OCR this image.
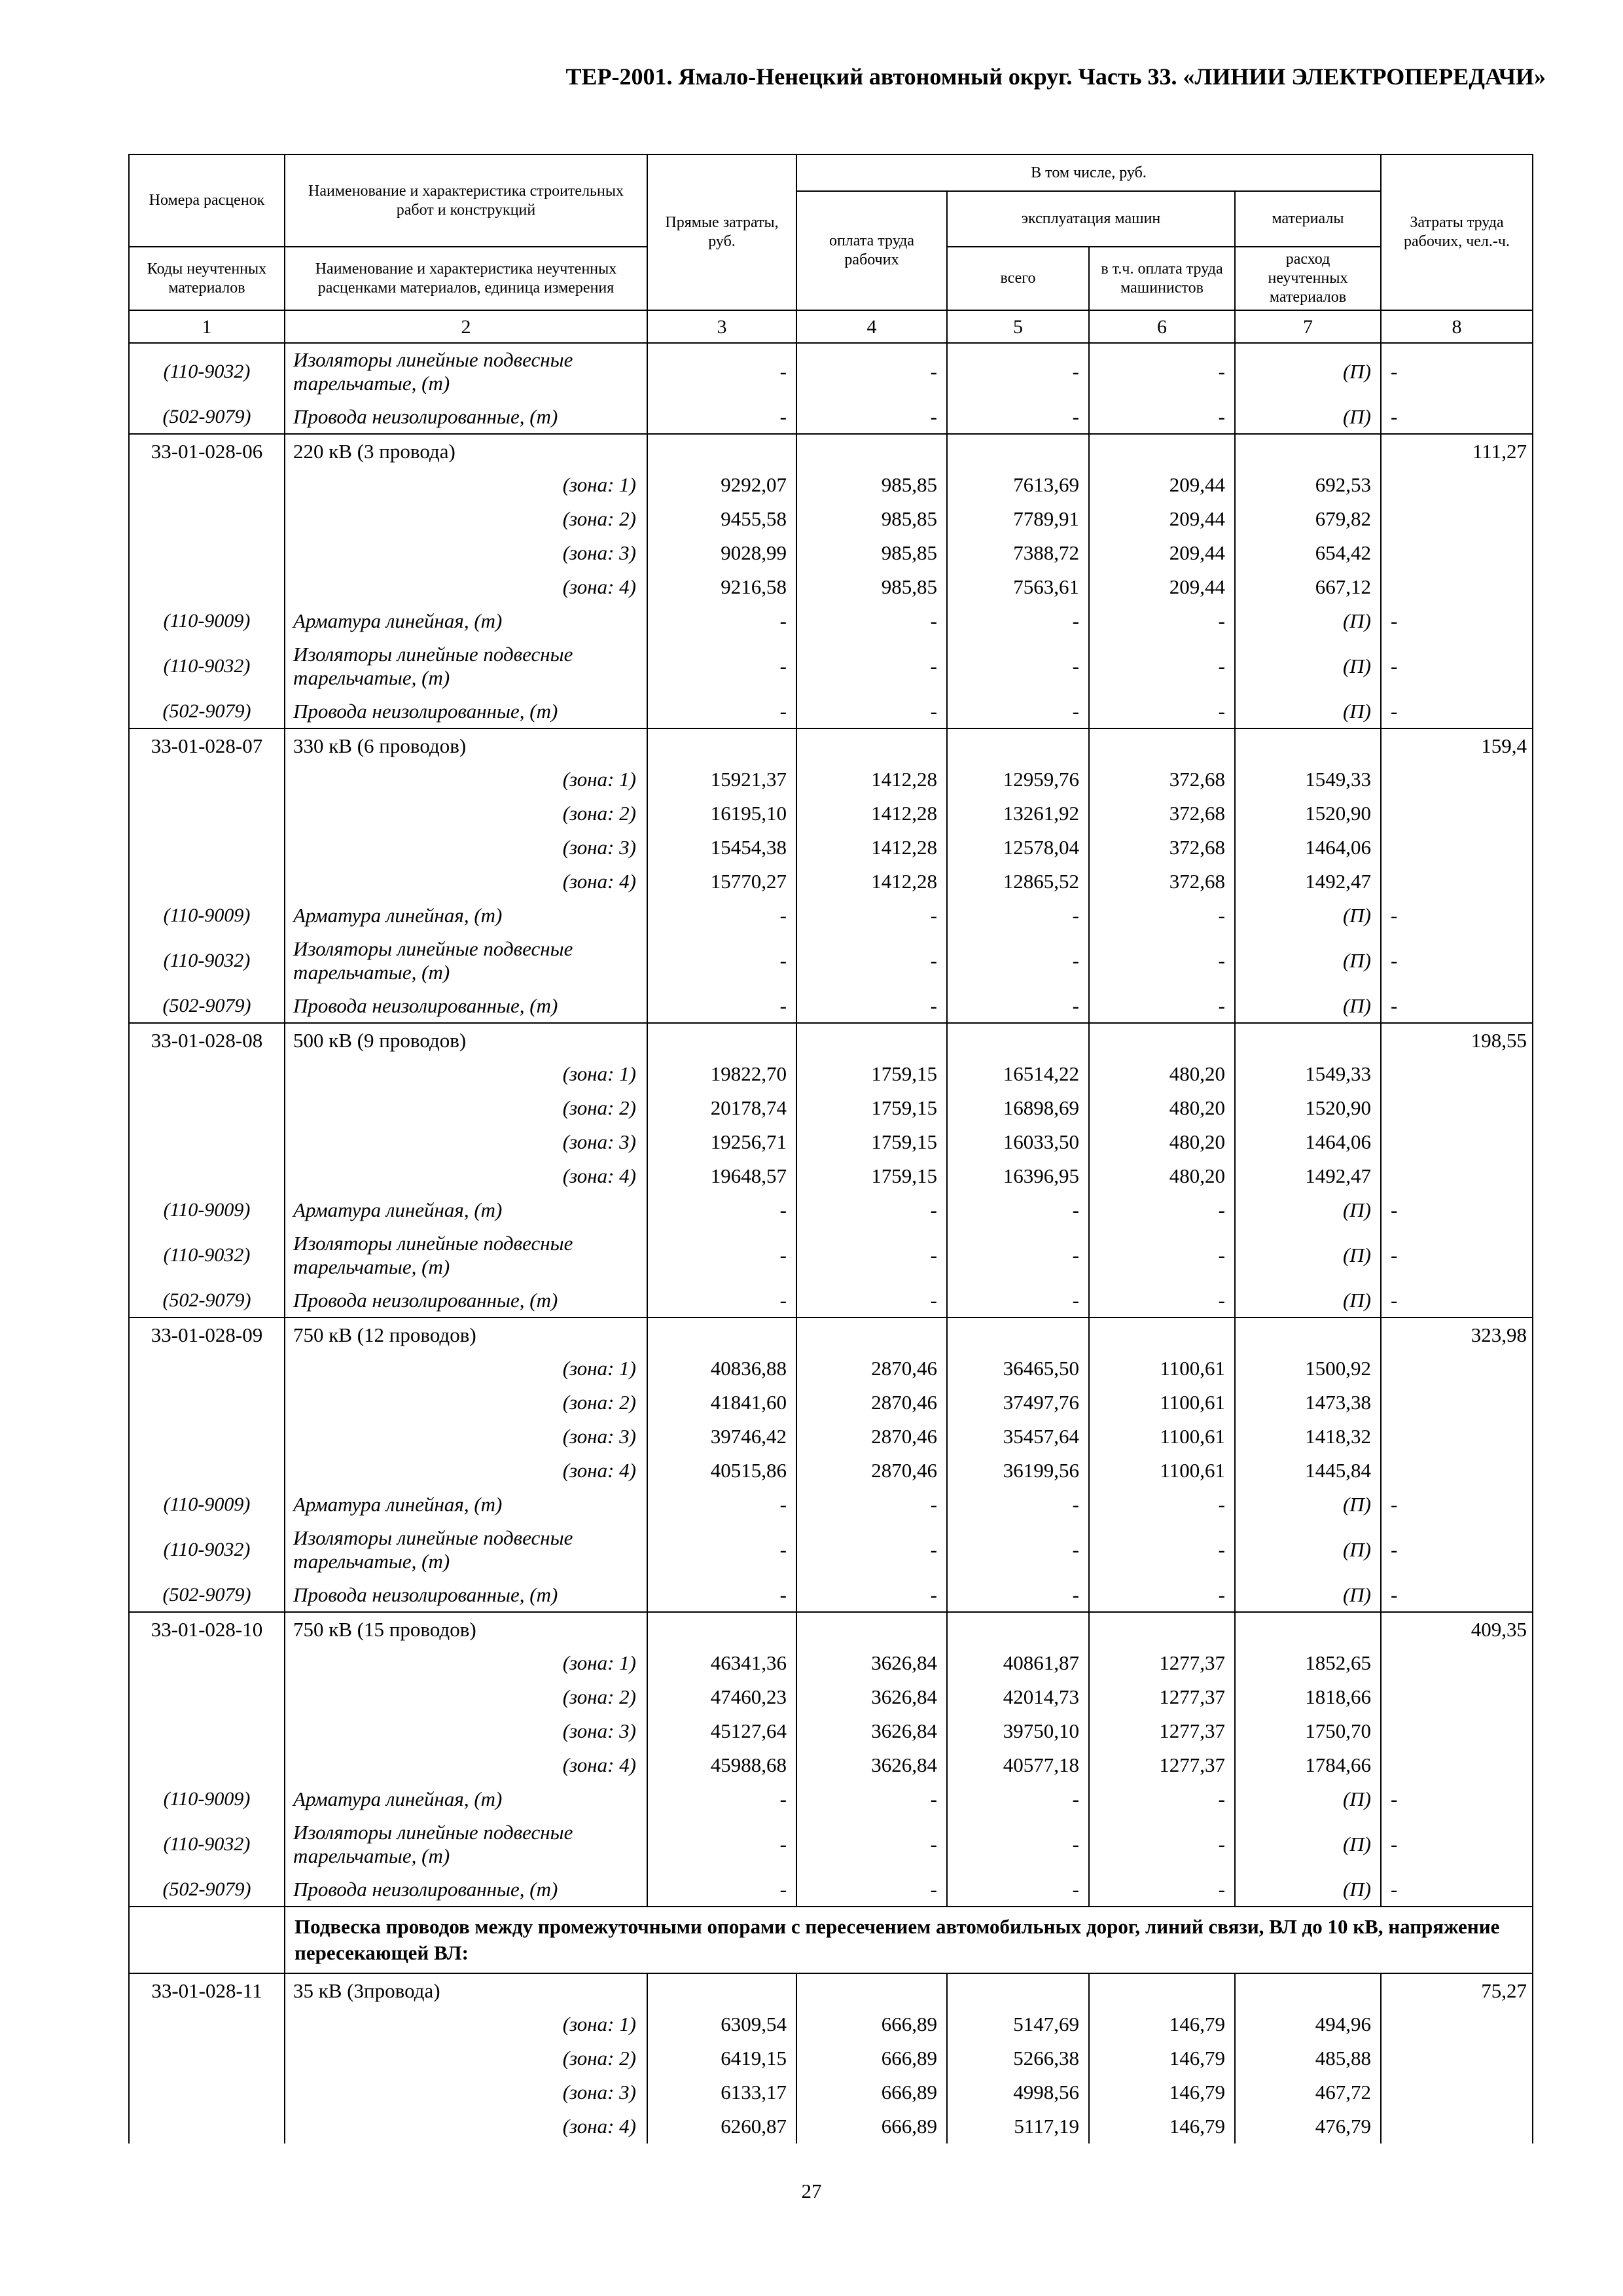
ТЕР-2001. Ямало-Ненецкий автономный округ. Часть 33. «ЛИНИИ ЭЛЕКТРОПЕРЕДАЧИ»
Номера расценок	Наименование и характеристика строительных работ и конструкций	Прямые затраты, руб.	В том числе, руб.				Затраты труда рабочих, чел.-ч.
			оплата труда рабочих	эксплуатация машин		материалы	
Коды неучтенных материалов	Наименование и характеристика неучтенных расценками материалов, единица измерения			всего	в т.ч. оплата труда машинистов	расход неучтенных материалов	
1	2	3	4	5	6	7	8
(110-9032)	Изоляторы линейные подвесные тарельчатые, (т)	-	-	-	-	(П)	-
(502-9079)	Провода неизолированные, (т)	-	-	-	-	(П)	-
33-01-028-06	220 кВ (3 провода)						111,27
	(зона: 1)	9292,07	985,85	7613,69	209,44	692,53	
	(зона: 2)	9455,58	985,85	7789,91	209,44	679,82	
	(зона: 3)	9028,99	985,85	7388,72	209,44	654,42	
	(зона: 4)	9216,58	985,85	7563,61	209,44	667,12	
(110-9009)	Арматура линейная, (т)	-	-	-	-	(П)	-
(110-9032)	Изоляторы линейные подвесные тарельчатые, (т)	-	-	-	-	(П)	-
(502-9079)	Провода неизолированные, (т)	-	-	-	-	(П)	-
33-01-028-07	330 кВ (6 проводов)						159,4
	(зона: 1)	15921,37	1412,28	12959,76	372,68	1549,33	
	(зона: 2)	16195,10	1412,28	13261,92	372,68	1520,90	
	(зона: 3)	15454,38	1412,28	12578,04	372,68	1464,06	
	(зона: 4)	15770,27	1412,28	12865,52	372,68	1492,47	
(110-9009)	Арматура линейная, (т)	-	-	-	-	(П)	-
(110-9032)	Изоляторы линейные подвесные тарельчатые, (т)	-	-	-	-	(П)	-
(502-9079)	Провода неизолированные, (т)	-	-	-	-	(П)	-
33-01-028-08	500 кВ (9 проводов)						198,55
	(зона: 1)	19822,70	1759,15	16514,22	480,20	1549,33	
	(зона: 2)	20178,74	1759,15	16898,69	480,20	1520,90	
	(зона: 3)	19256,71	1759,15	16033,50	480,20	1464,06	
	(зона: 4)	19648,57	1759,15	16396,95	480,20	1492,47	
(110-9009)	Арматура линейная, (т)	-	-	-	-	(П)	-
(110-9032)	Изоляторы линейные подвесные тарельчатые, (т)	-	-	-	-	(П)	-
(502-9079)	Провода неизолированные, (т)	-	-	-	-	(П)	-
33-01-028-09	750 кВ (12 проводов)						323,98
	(зона: 1)	40836,88	2870,46	36465,50	1100,61	1500,92	
	(зона: 2)	41841,60	2870,46	37497,76	1100,61	1473,38	
	(зона: 3)	39746,42	2870,46	35457,64	1100,61	1418,32	
	(зона: 4)	40515,86	2870,46	36199,56	1100,61	1445,84	
(110-9009)	Арматура линейная, (т)	-	-	-	-	(П)	-
(110-9032)	Изоляторы линейные подвесные тарельчатые, (т)	-	-	-	-	(П)	-
(502-9079)	Провода неизолированные, (т)	-	-	-	-	(П)	-
33-01-028-10	750 кВ (15 проводов)						409,35
	(зона: 1)	46341,36	3626,84	40861,87	1277,37	1852,65	
	(зона: 2)	47460,23	3626,84	42014,73	1277,37	1818,66	
	(зона: 3)	45127,64	3626,84	39750,10	1277,37	1750,70	
	(зона: 4)	45988,68	3626,84	40577,18	1277,37	1784,66	
(110-9009)	Арматура линейная, (т)	-	-	-	-	(П)	-
(110-9032)	Изоляторы линейные подвесные тарельчатые, (т)	-	-	-	-	(П)	-
(502-9079)	Провода неизолированные, (т)	-	-	-	-	(П)	-
	Подвеска проводов между промежуточными опорами с пересечением автомобильных дорог, линий связи, ВЛ до 10 кВ, напряжение пересекающей ВЛ:						
33-01-028-11	35 кВ (3провода)						75,27
	(зона: 1)	6309,54	666,89	5147,69	146,79	494,96	
	(зона: 2)	6419,15	666,89	5266,38	146,79	485,88	
	(зона: 3)	6133,17	666,89	4998,56	146,79	467,72	
	(зона: 4)	6260,87	666,89	5117,19	146,79	476,79	
27
